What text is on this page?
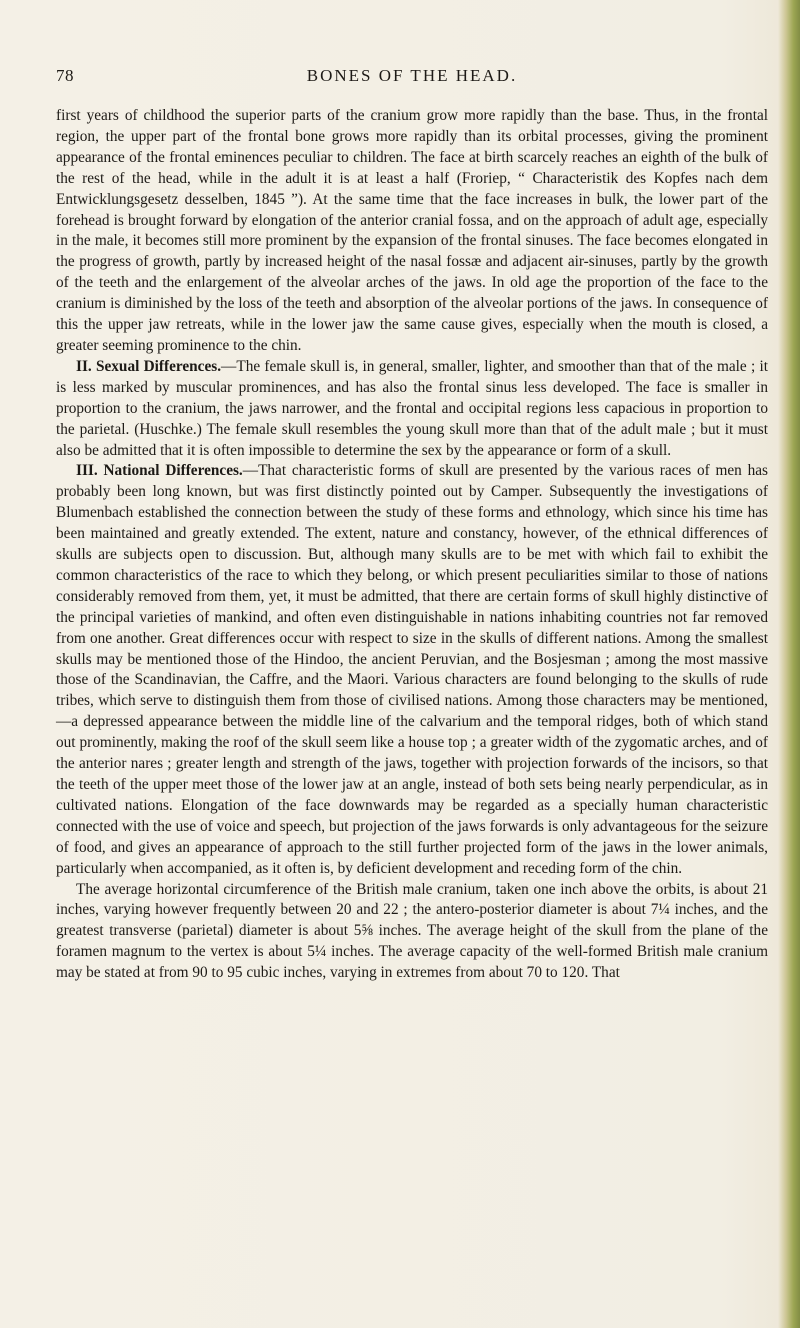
78	BONES OF THE HEAD.

first years of childhood the superior parts of the cranium grow more rapidly than the base. Thus, in the frontal region, the upper part of the frontal bone grows more rapidly than its orbital processes, giving the prominent appearance of the frontal eminences peculiar to children. The face at birth scarcely reaches an eighth of the bulk of the rest of the head, while in the adult it is at least a half (Froriep, “ Characteristik des Kopfes nach dem Entwicklungsgesetz desselben, 1845 ”). At the same time that the face increases in bulk, the lower part of the forehead is brought forward by elongation of the anterior cranial fossa, and on the approach of adult age, especially in the male, it becomes still more prominent by the expansion of the frontal sinuses. The face becomes elongated in the progress of growth, partly by increased height of the nasal fossæ and adjacent air-sinuses, partly by the growth of the teeth and the enlargement of the alveolar arches of the jaws. In old age the proportion of the face to the cranium is diminished by the loss of the teeth and absorption of the alveolar portions of the jaws. In consequence of this the upper jaw retreats, while in the lower jaw the same cause gives, especially when the mouth is closed, a greater seeming prominence to the chin.

II. Sexual Differences.—The female skull is, in general, smaller, lighter, and smoother than that of the male ; it is less marked by muscular prominences, and has also the frontal sinus less developed. The face is smaller in proportion to the cranium, the jaws narrower, and the frontal and occipital regions less capacious in proportion to the parietal. (Huschke.) The female skull resembles the young skull more than that of the adult male ; but it must also be admitted that it is often impossible to determine the sex by the appearance or form of a skull.

III. National Differences.—That characteristic forms of skull are presented by the various races of men has probably been long known, but was first distinctly pointed out by Camper. Subsequently the investigations of Blumenbach established the connection between the study of these forms and ethnology, which since his time has been maintained and greatly extended. The extent, nature and constancy, however, of the ethnical differences of skulls are subjects open to discussion. But, although many skulls are to be met with which fail to exhibit the common characteristics of the race to which they belong, or which present peculiarities similar to those of nations considerably removed from them, yet, it must be admitted, that there are certain forms of skull highly distinctive of the principal varieties of mankind, and often even distinguishable in nations inhabiting countries not far removed from one another. Great differences occur with respect to size in the skulls of different nations. Among the smallest skulls may be mentioned those of the Hindoo, the ancient Peruvian, and the Bosjesman ; among the most massive those of the Scandinavian, the Caffre, and the Maori. Various characters are found belonging to the skulls of rude tribes, which serve to distinguish them from those of civilised nations. Among those characters may be mentioned,—a depressed appearance between the middle line of the calvarium and the temporal ridges, both of which stand out prominently, making the roof of the skull seem like a house top ; a greater width of the zygomatic arches, and of the anterior nares ; greater length and strength of the jaws, together with projection forwards of the incisors, so that the teeth of the upper meet those of the lower jaw at an angle, instead of both sets being nearly perpendicular, as in cultivated nations. Elongation of the face downwards may be regarded as a specially human characteristic connected with the use of voice and speech, but projection of the jaws forwards is only advantageous for the seizure of food, and gives an appearance of approach to the still further projected form of the jaws in the lower animals, particularly when accompanied, as it often is, by deficient development and receding form of the chin.

The average horizontal circumference of the British male cranium, taken one inch above the orbits, is about 21 inches, varying however frequently between 20 and 22 ; the antero-posterior diameter is about 7¼ inches, and the greatest transverse (parietal) diameter is about 5⅝ inches. The average height of the skull from the plane of the foramen magnum to the vertex is about 5¼ inches. The average capacity of the well-formed British male cranium may be stated at from 90 to 95 cubic inches, varying in extremes from about 70 to 120. That
